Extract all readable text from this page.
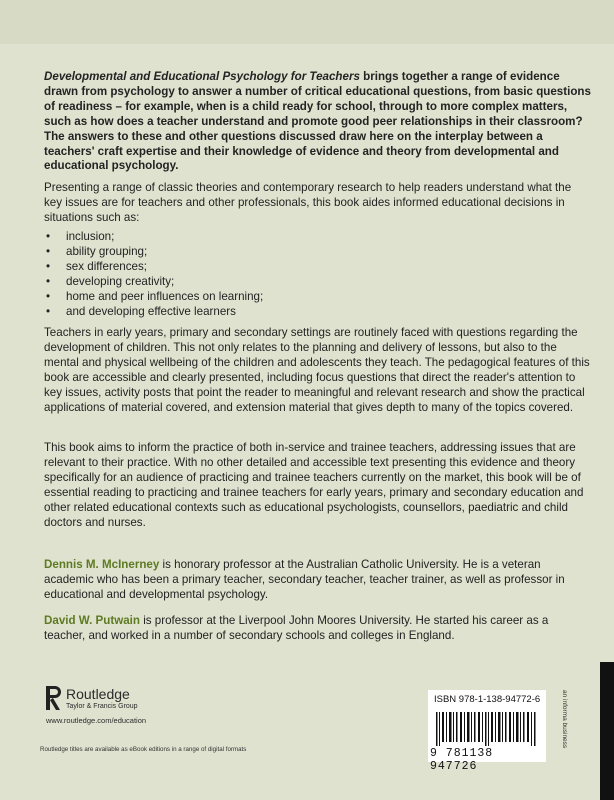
Developmental and Educational Psychology for Teachers brings together a range of evidence drawn from psychology to answer a number of critical educational questions, from basic questions of readiness – for example, when is a child ready for school, through to more complex matters, such as how does a teacher understand and promote good peer relationships in their classroom? The answers to these and other questions discussed draw here on the interplay between a teachers' craft expertise and their knowledge of evidence and theory from developmental and educational psychology.

Presenting a range of classic theories and contemporary research to help readers understand what the key issues are for teachers and other professionals, this book aides informed educational decisions in situations such as:

• inclusion;
• ability grouping;
• sex differences;
• developing creativity;
• home and peer influences on learning;
• and developing effective learners

Teachers in early years, primary and secondary settings are routinely faced with questions regarding the development of children. This not only relates to the planning and delivery of lessons, but also to the mental and physical wellbeing of the children and adolescents they teach. The pedagogical features of this book are accessible and clearly presented, including focus questions that direct the reader's attention to key issues, activity posts that point the reader to meaningful and relevant research and show the practical applications of material covered, and extension material that gives depth to many of the topics covered.

This book aims to inform the practice of both in-service and trainee teachers, addressing issues that are relevant to their practice. With no other detailed and accessible text presenting this evidence and theory specifically for an audience of practicing and trainee teachers currently on the market, this book will be of essential reading to practicing and trainee teachers for early years, primary and secondary education and other related educational contexts such as educational psychologists, counsellors, paediatric and child doctors and nurses.

Dennis M. McInerney is honorary professor at the Australian Catholic University. He is a veteran academic who has been a primary teacher, secondary teacher, teacher trainer, as well as professor in educational and developmental psychology.

David W. Putwain is professor at the Liverpool John Moores University. He started his career as a teacher, and worked in a number of secondary schools and colleges in England.

Routledge
Taylor & Francis Group
www.routledge.com/education
Routledge titles are available as eBook editions in a range of digital formats
ISBN 978-1-138-94772-6
9 781138 947726
an informa business
